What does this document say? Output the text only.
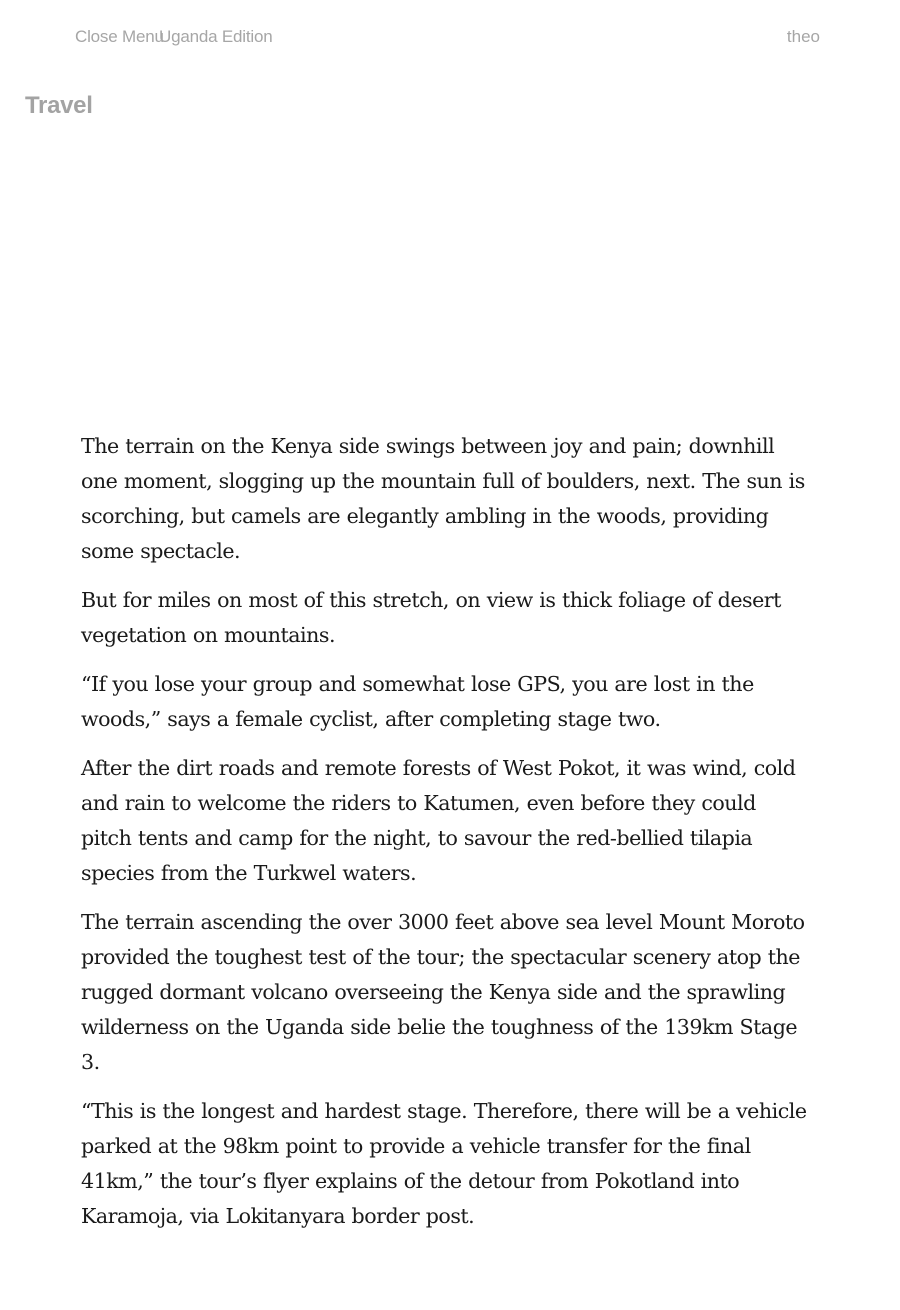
Close Menu
Uganda Edition	theo
Travel

The terrain on the Kenya side swings between joy and pain; downhill one moment, slogging up the mountain full of boulders, next. The sun is scorching, but camels are elegantly ambling in the woods, providing some spectacle.

But for miles on most of this stretch, on view is thick foliage of desert vegetation on mountains.

“If you lose your group and somewhat lose GPS, you are lost in the woods,” says a female cyclist, after completing stage two.

After the dirt roads and remote forests of West Pokot, it was wind, cold and rain to welcome the riders to Katumen, even before they could pitch tents and camp for the night, to savour the red-bellied tilapia species from the Turkwel waters.

The terrain ascending the over 3000 feet above sea level Mount Moroto provided the toughest test of the tour; the spectacular scenery atop the rugged dormant volcano overseeing the Kenya side and the sprawling wilderness on the Uganda side belie the toughness of the 139km Stage 3.

“This is the longest and hardest stage. Therefore, there will be a vehicle parked at the 98km point to provide a vehicle transfer for the final 41km,” the tour’s flyer explains of the detour from Pokotland into Karamoja, via Lokitanyara border post.
